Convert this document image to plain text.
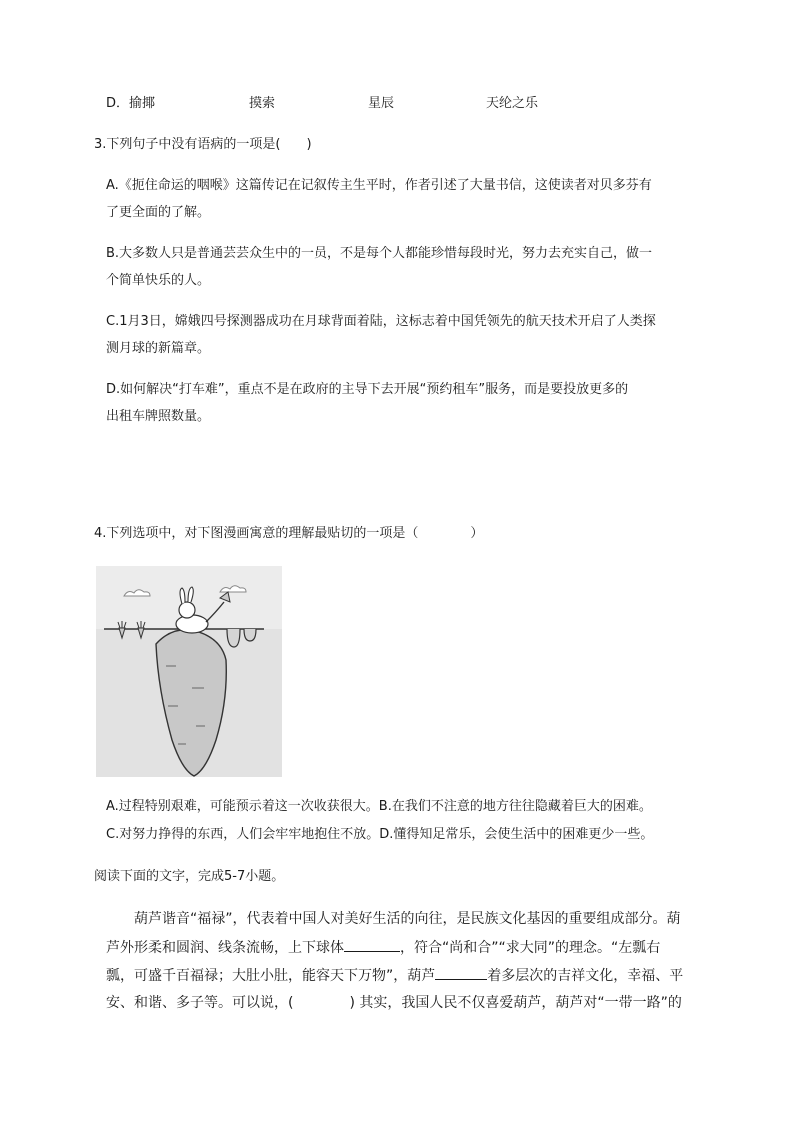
D． 揄揶	摸索	星辰	天纶之乐
3.下列句子中没有语病的一项是(　　)
A.《扼住命运的咽喉》这篇传记在记叙传主生平时，作者引述了大量书信，这使读者对贝多芬有
了更全面的了解。
B.大多数人只是普通芸芸众生中的一员，不是每个人都能珍惜每段时光，努力去充实自己，做一
个简单快乐的人。
C.1月3日，嫦娥四号探测器成功在月球背面着陆，这标志着中国凭领先的航天技术开启了人类探
测月球的新篇章。
D.如何解决“打车难”，重点不是在政府的主导下去开展“预约租车”服务，而是要投放更多的
出租车牌照数量。
4.下列选项中，对下图漫画寓意的理解最贴切的一项是（　　　　）
A.过程特别艰难，可能预示着这一次收获很大。B.在我们不注意的地方往往隐藏着巨大的困难。
C.对努力挣得的东西，人们会牢牢地抱住不放。D.懂得知足常乐，会使生活中的困难更少一些。
阅读下面的文字，完成5-7小题。
葫芦谐音“福禄”，代表着中国人对美好生活的向往，是民族文化基因的重要组成部分。葫
芦外形柔和圆润、线条流畅，上下球体	，符合“尚和合”“求大同”的理念。“左瓢右
瓢，可盛千百福禄；大肚小肚，能容天下万物”，葫芦	着多层次的吉祥文化，幸福、平
安、和谐、多子等。可以说，(　　　　) 其实，我国人民不仅喜爱葫芦，葫芦对“一带一路”的
